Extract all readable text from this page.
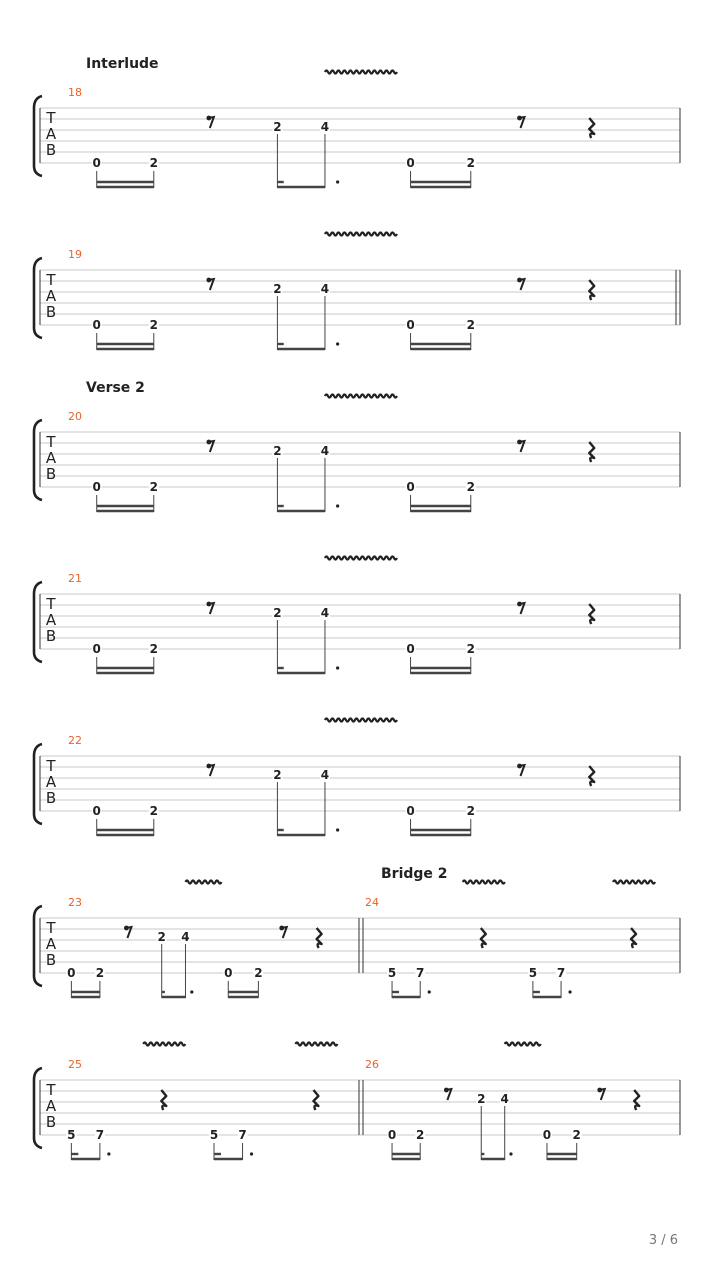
T
A
B
Interlude
18
0	2
2	4
0	2
T
A
B
19
0	2
2	4
0	2
T
A
B
Verse 2
20
0	2
2	4
0	2
T
A
B
21
0	2
2	4
0	2
T
A
B
22
0	2
2	4
0	2
T
A
B
23
0 2
2 4
0 2
24
Bridge 2
5 7	5 7
T
A
B
25
5 7	5 7
26
0 2
2 4
0 2
3 / 6
